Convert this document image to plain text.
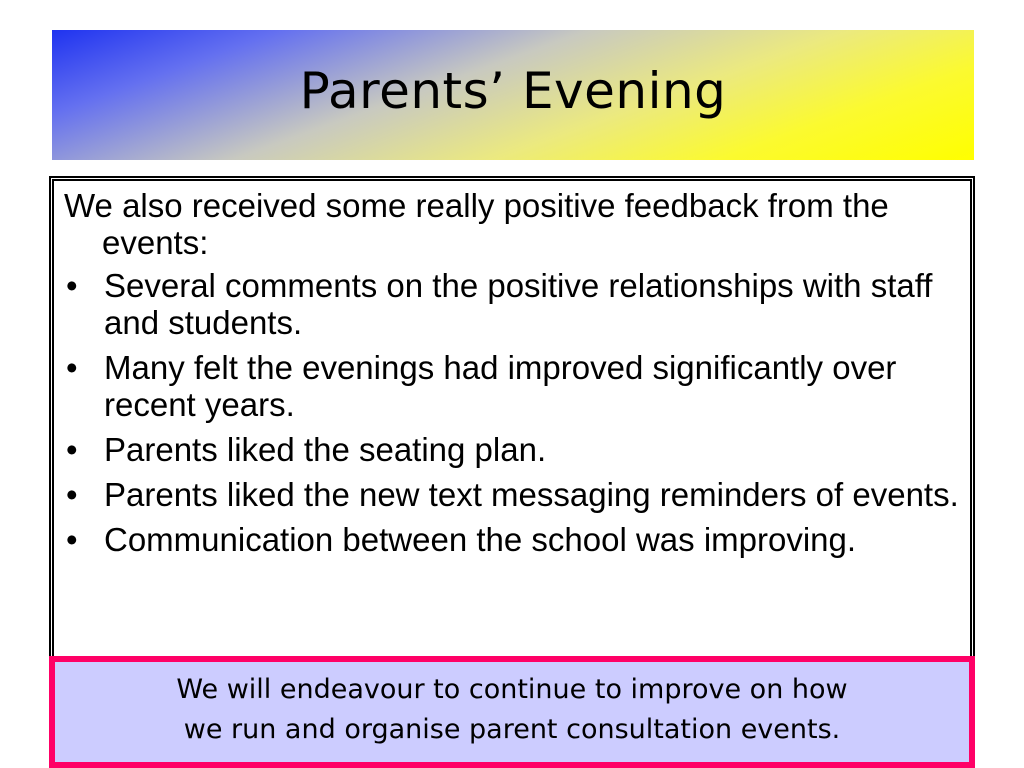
Parents’ Evening

We also received some really positive feedback from the events:

• Several comments on the positive relationships with staff and students.
• Many felt the evenings had improved significantly over recent years.
• Parents liked the seating plan.
• Parents liked the new text messaging reminders of events.
• Communication between the school was improving.
We will endeavour to continue to improve on how
we run and organise parent consultation events.
